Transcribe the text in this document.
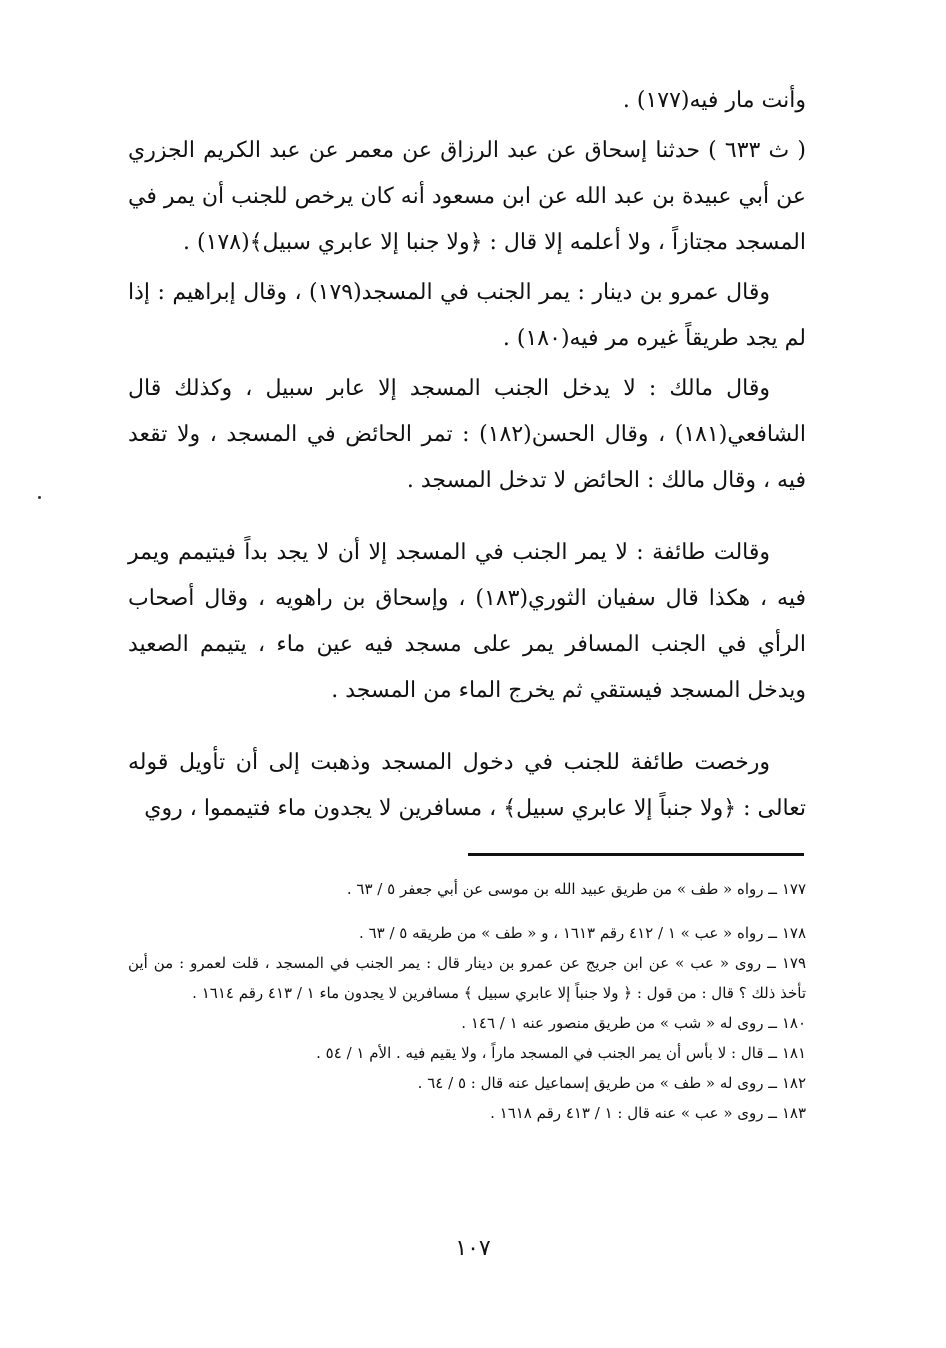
وأنت مار فيه(١٧٧) .

( ث ٦٣٣ ) حدثنا إسحاق عن عبد الرزاق عن معمر عن عبد الكريم الجزري عن أبي عبيدة بن عبد الله عن ابن مسعود أنه كان يرخص للجنب أن يمر في المسجد مجتازاً ، ولا أعلمه إلا قال : ﴿ولا جنبا إلا عابري سبيل﴾(١٧٨) .

وقال عمرو بن دينار : يمر الجنب في المسجد(١٧٩) ، وقال إبراهيم : إذا لم يجد طريقاً غيره مر فيه(١٨٠) .

وقال مالك : لا يدخل الجنب المسجد إلا عابر سبيل ، وكذلك قال الشافعي(١٨١) ، وقال الحسن(١٨٢) : تمر الحائض في المسجد ، ولا تقعد فيه ، وقال مالك : الحائض لا تدخل المسجد .

وقالت طائفة : لا يمر الجنب في المسجد إلا أن لا يجد بداً فيتيمم ويمر فيه ، هكذا قال سفيان الثوري(١٨٣) ، وإسحاق بن راهويه ، وقال أصحاب الرأي في الجنب المسافر يمر على مسجد فيه عين ماء ، يتيمم الصعيد ويدخل المسجد فيستقي ثم يخرج الماء من المسجد .

ورخصت طائفة للجنب في دخول المسجد وذهبت إلى أن تأويل قوله تعالى : ﴿ولا جنباً إلا عابري سبيل﴾ ، مسافرين لا يجدون ماء فتيمموا ، روي

١٧٧ ــ رواه « طف » من طريق عبيد الله بن موسى عن أبي جعفر ٥ / ٦٣ .

١٧٨ ــ رواه « عب » ١ / ٤١٢ رقم ١٦١٣ ، و « طف » من طريقه ٥ / ٦٣ .

١٧٩ ــ روى « عب » عن ابن جريج عن عمرو بن دينار قال : يمر الجنب في المسجد ، قلت لعمرو : من أين تأخذ ذلك ؟ قال : من قول : ﴿ ولا جنباً إلا عابري سبيل ﴾ مسافرين لا يجدون ماء ١ / ٤١٣ رقم ١٦١٤ .

١٨٠ ــ روى له « شب » من طريق منصور عنه ١ / ١٤٦ .

١٨١ ــ قال : لا بأس أن يمر الجنب في المسجد ماراً ، ولا يقيم فيه . الأم ١ / ٥٤ .

١٨٢ ــ روى له « طف » من طريق إسماعيل عنه قال : ٥ / ٦٤ .

١٨٣ ــ روى « عب » عنه قال : ١ / ٤١٣ رقم ١٦١٨ .

١٠٧
